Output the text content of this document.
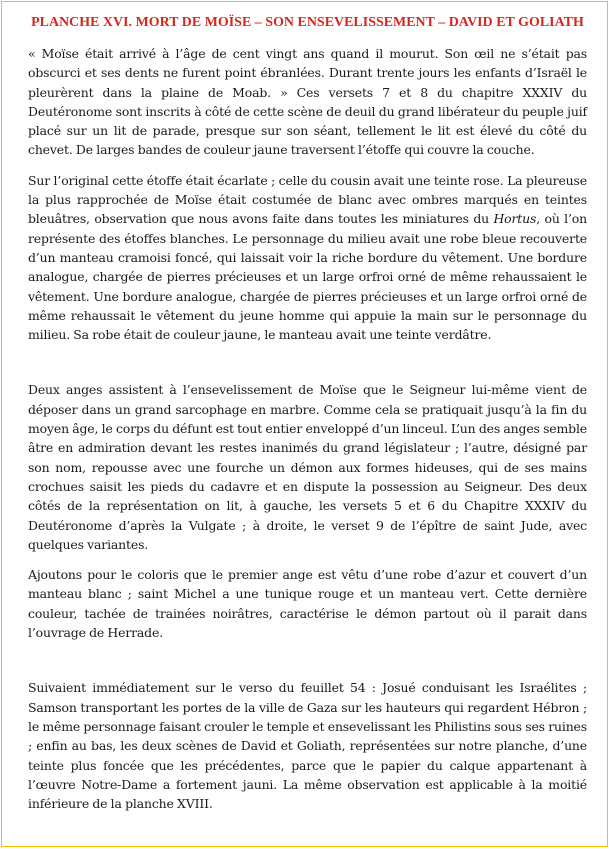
PLANCHE XVI. MORT DE MOÏSE – SON ENSEVELISSEMENT – DAVID ET GOLIATH

« Moïse était arrivé à l’âge de cent vingt ans quand il mourut. Son œil ne s’était pas obscurci et ses dents ne furent point ébranlées. Durant trente jours les enfants d’Israël le pleurèrent dans la plaine de Moab. » Ces versets 7 et 8 du chapitre XXXIV du Deutéronome sont inscrits à côté de cette scène de deuil du grand libérateur du peuple juif placé sur un lit de parade, presque sur son séant, tellement le lit est élevé du côté du chevet. De larges bandes de couleur jaune traversent l’étoffe qui couvre la couche.

Sur l’original cette étoffe était écarlate ; celle du cousin avait une teinte rose. La pleureuse la plus rapprochée de Moïse était costumée de blanc avec ombres marqués en teintes bleuâtres, observation que nous avons faite dans toutes les miniatures du Hortus, où l’on représente des étoffes blanches. Le personnage du milieu avait une robe bleue recouverte d’un manteau cramoisi foncé, qui laissait voir la riche bordure du vêtement. Une bordure analogue, chargée de pierres précieuses et un large orfroi orné de même rehaussaient le vêtement. Une bordure analogue, chargée de pierres précieuses et un large orfroi orné de même rehaussait le vêtement du jeune homme qui appuie la main sur le personnage du milieu. Sa robe était de couleur jaune, le manteau avait une teinte verdâtre.

Deux anges assistent à l’ensevelissement de Moïse que le Seigneur lui-même vient de déposer dans un grand sarcophage en marbre. Comme cela se pratiquait jusqu’à la fin du moyen âge, le corps du défunt est tout entier enveloppé d’un linceul. L’un des anges semble âtre en admiration devant les restes inanimés du grand législateur ; l’autre, désigné par son nom, repousse avec une fourche un démon aux formes hideuses, qui de ses mains crochues saisit les pieds du cadavre et en dispute la possession au Seigneur. Des deux côtés de la représentation on lit, à gauche, les versets 5 et 6 du Chapitre XXXIV du Deutéronome d’après la Vulgate ; à droite, le verset 9 de l’épître de saint Jude, avec quelques variantes.

Ajoutons pour le coloris que le premier ange est vêtu d’une robe d’azur et couvert d’un manteau blanc ; saint Michel a une tunique rouge et un manteau vert. Cette dernière couleur, tachée de trainées noirâtres, caractérise le démon partout où il parait dans l’ouvrage de Herrade.

Suivaient immédiatement sur le verso du feuillet 54 : Josué conduisant les Israélites ; Samson transportant les portes de la ville de Gaza sur les hauteurs qui regardent Hébron ; le même personnage faisant crouler le temple et ensevelissant les Philistins sous ses ruines ; enfin au bas, les deux scènes de David et Goliath, représentées sur notre planche, d’une teinte plus foncée que les précédentes, parce que le papier du calque appartenant à l’œuvre Notre-Dame a fortement jauni. La même observation est applicable à la moitié inférieure de la planche XVIII.
